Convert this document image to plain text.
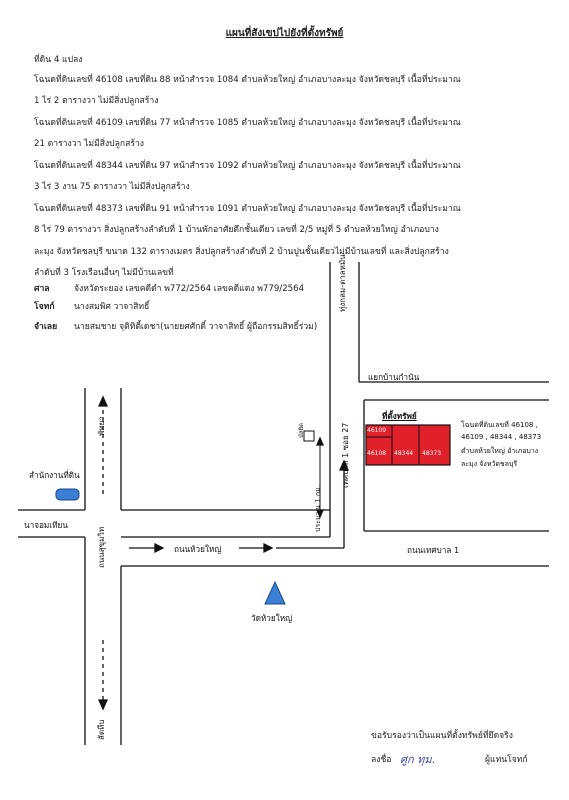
แผนที่สังเขปไปยังที่ตั้งทรัพย์
ที่ดิน 4 แปลง
โฉนดที่ดินเลขที่ 46108 เลขที่ดิน 88 หน้าสำรวจ 1084 ตำบลห้วยใหญ่ อำเภอบางละมุง จังหวัดชลบุรี เนื้อที่ประมาณ
1 ไร่ 2 ตารางวา ไม่มีสิ่งปลูกสร้าง
โฉนดที่ดินเลขที่ 46109 เลขที่ดิน 77 หน้าสำรวจ 1085 ตำบลห้วยใหญ่ อำเภอบางละมุง จังหวัดชลบุรี เนื้อที่ประมาณ
21 ตารางวา ไม่มีสิ่งปลูกสร้าง
โฉนดที่ดินเลขที่ 48344 เลขที่ดิน 97 หน้าสำรวจ 1092 ตำบลห้วยใหญ่ อำเภอบางละมุง จังหวัดชลบุรี เนื้อที่ประมาณ
3 ไร่ 3 งาน 75 ตารางวา ไม่มีสิ่งปลูกสร้าง
โฉนดที่ดินเลขที่ 48373 เลขที่ดิน 91 หน้าสำรวจ 1091 ตำบลห้วยใหญ่ อำเภอบางละมุง จังหวัดชลบุรี เนื้อที่ประมาณ
8 ไร่ 79 ตารางวา สิ่งปลูกสร้างลำดับที่ 1 บ้านพักอาศัยตึกชั้นเดียว เลขที่ 2/5 หมู่ที่ 5 ตำบลห้วยใหญ่ อำเภอบาง
ละมุง จังหวัดชลบุรี ขนาด 132 ตารางเมตร สิ่งปลูกสร้างลำดับที่ 2 บ้านปูนชั้นเดียวไม่มีบ้านเลขที่ และสิ่งปลูกสร้าง
ลำดับที่ 3 โรงเรือนอื่นๆ ไม่มีบ้านเลขที่
ศาล	จังหวัดระยอง เลขคดีดำ พ772/2564 เลขคดีแดง พ779/2564
โจทก์ นางสมพิศ วาจาสิทธิ์
จำเลย นายสมชาย จุติทิตี้เดชา(นายยศศักดิ์ วาจาสิทธิ์ ผู้ถือกรรมสิทธิ์ร่วม)
ทุ่งกลม-ตาลหมัน
แยกบ้านกำนัน
พัทยา
สัตหีบ
ถนนสุขุมวิท
สำนักงานที่ดิน
นาจอมเทียน
ถนนห้วยใหญ่	ถนนเทศบาล 1
เทศบาล 1 ซอย 27
ประมาณ 1 กม.
มัสยิด
ที่ตั้งทรัพย์
46108
46109
48344 48373
โฉนดที่ดินเลขที่ 46108 ,
46109 , 48344 , 48373
ตำบลห้วยใหญ่ อำเภอบาง
ละมุง จังหวัดชลบุรี
วัดห้วยใหญ่
ขอรับรองว่าเป็นแผนที่ตั้งทรัพย์ที่ยึดจริง
ลงชื่อ ศูก ทุม.	ผู้แทนโจทก์
